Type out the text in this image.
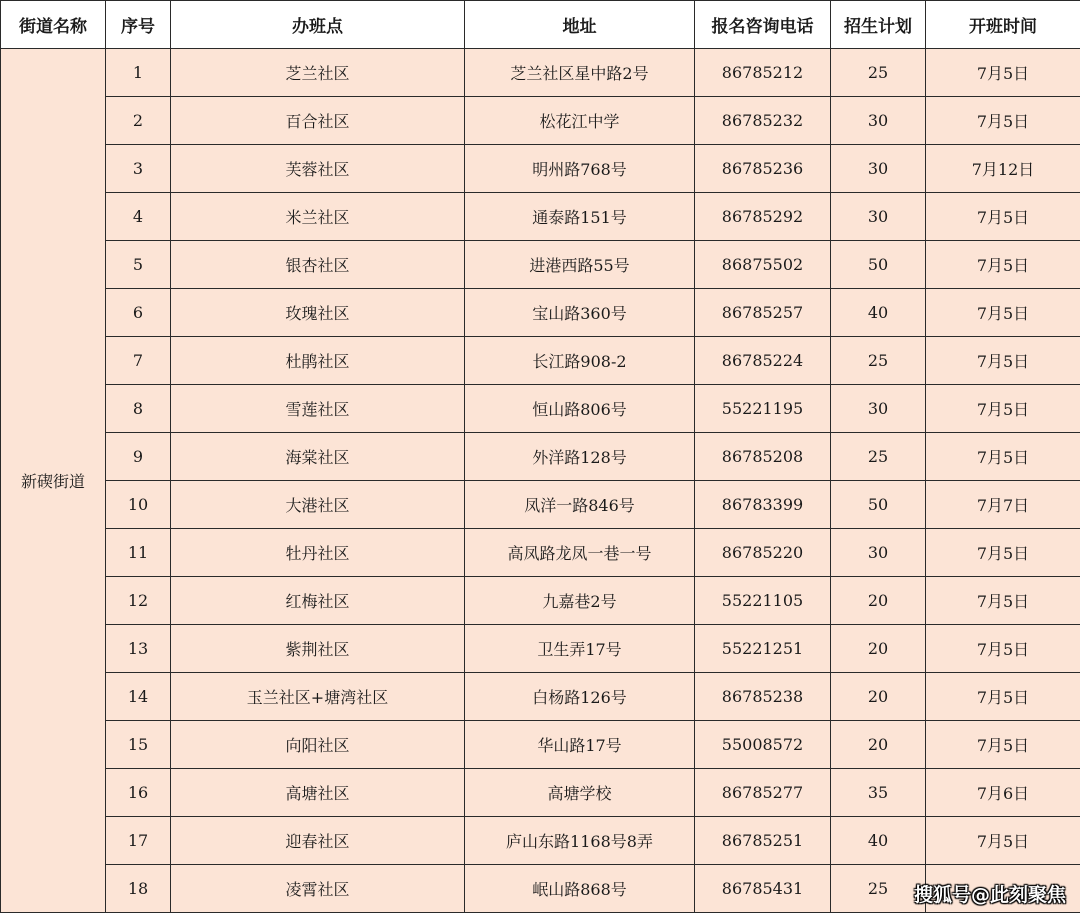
街道名称	序号	办班点	地址	报名咨询电话	招生计划	开班时间
新碶街道	1	芝兰社区	芝兰社区星中路2号	86785212	25	7月5日
	2	百合社区	松花江中学	86785232	30	7月5日
	3	芙蓉社区	明州路768号	86785236	30	7月12日
	4	米兰社区	通泰路151号	86785292	30	7月5日
	5	银杏社区	进港西路55号	86875502	50	7月5日
	6	玫瑰社区	宝山路360号	86785257	40	7月5日
	7	杜鹃社区	长江路908-2	86785224	25	7月5日
	8	雪莲社区	恒山路806号	55221195	30	7月5日
	9	海棠社区	外洋路128号	86785208	25	7月5日
	10	大港社区	凤洋一路846号	86783399	50	7月7日
	11	牡丹社区	高凤路龙凤一巷一号	86785220	30	7月5日
	12	红梅社区	九嘉巷2号	55221105	20	7月5日
	13	紫荆社区	卫生弄17号	55221251	20	7月5日
	14	玉兰社区+塘湾社区	白杨路126号	86785238	20	7月5日
	15	向阳社区	华山路17号	55008572	20	7月5日
	16	高塘社区	高塘学校	86785277	35	7月6日
	17	迎春社区	庐山东路1168号8弄	86785251	40	7月5日
	18	凌霄社区	岷山路868号	86785431	25	搜狐号@此刻聚焦
